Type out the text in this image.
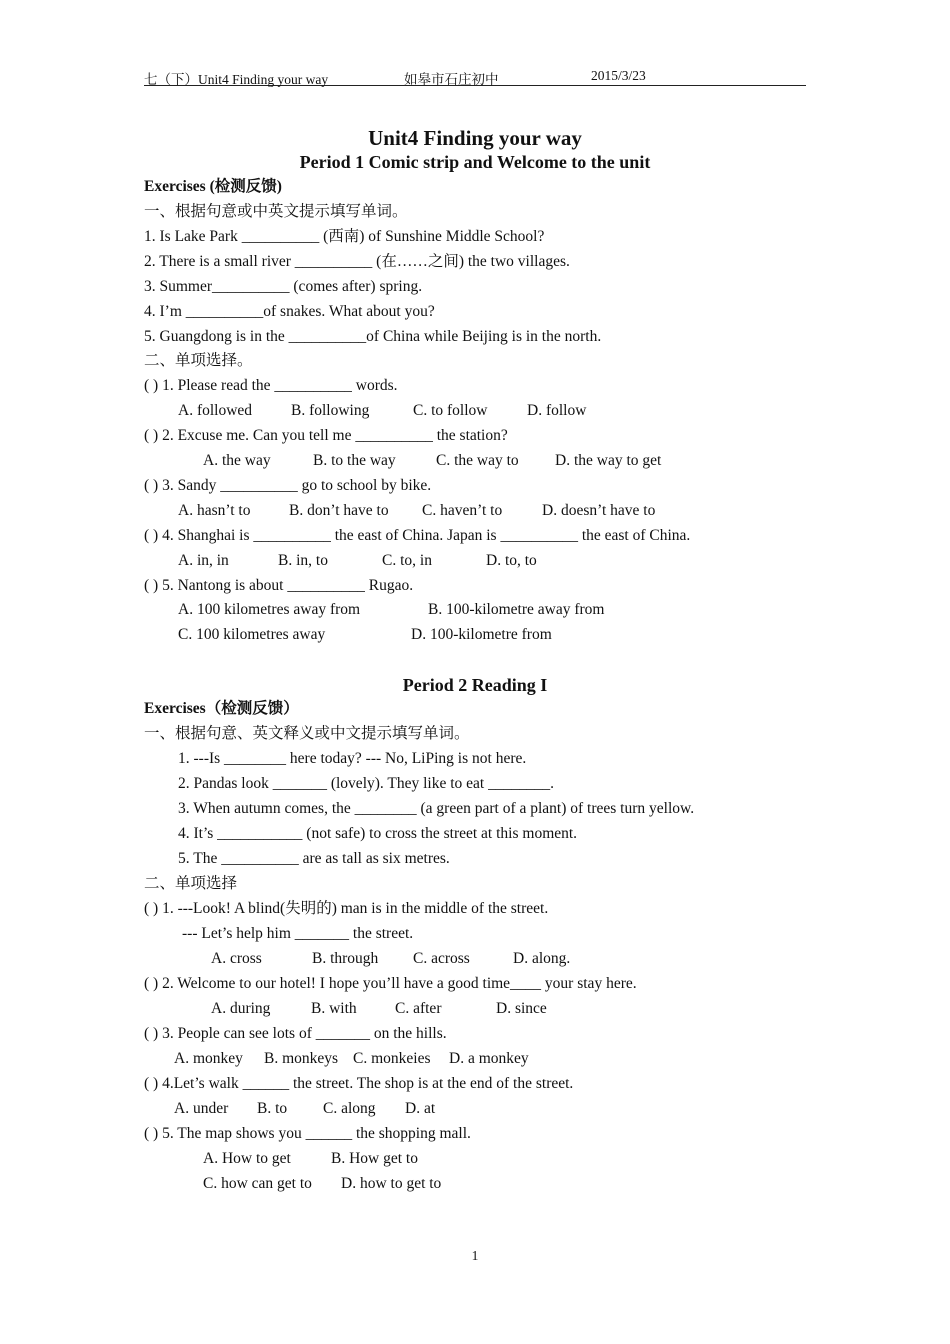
七（下）Unit4 Finding your way	如皋市石庄初中	2015/3/23
Unit4 Finding your way
Period 1 Comic strip and Welcome to the unit
Exercises (检测反馈)
一、根据句意或中英文提示填写单词。
1. Is Lake Park __________ (西南) of Sunshine Middle School?
2. There is a small river __________ (在……之间) the two villages.
3. Summer__________ (comes after) spring.
4. I’m __________of snakes. What about you?
5. Guangdong is in the __________of China while Beijing is in the north.
二、单项选择。
( ) 1. Please read the __________ words.
A. followed	B. following	C. to follow	D. follow
( ) 2. Excuse me. Can you tell me __________ the station?
A. the way	B. to the way	C. the way to D. the way to get
( ) 3. Sandy __________ go to school by bike.
A. hasn’t to B. don’t have to C. haven’t to	D. doesn’t have to
( ) 4. Shanghai is __________ the east of China. Japan is __________ the east of China.
A. in, in	B. in, to	C. to, in	D. to, to
( ) 5. Nantong is about __________ Rugao.
A. 100 kilometres away from	B. 100-kilometre away from
C. 100 kilometres away	D. 100-kilometre from
Period 2 Reading I
Exercises（检测反馈）
一、根据句意、英文释义或中文提示填写单词。
1. ---Is ________ here today? --- No, LiPing is not here.
2. Pandas look _______ (lovely). They like to eat ________.
3. When autumn comes, the ________ (a green part of a plant) of trees turn yellow.
4. It’s ___________ (not safe) to cross the street at this moment.
5. The __________ are as tall as six metres.
二、单项选择
( ) 1. ---Look! A blind(失明的) man is in the middle of the street.
--- Let’s help him _______ the street.
A. cross	B. through C. across	D. along.
( ) 2. Welcome to our hotel! I hope you’ll have a good time____ your stay here.
A. during	B. with C. after	D. since
( ) 3. People can see lots of _______ on the hills.
A. monkey B. monkeys C. monkeies D. a monkey
( ) 4.Let’s walk ______ the street. The shop is at the end of the street.
A. under B. to C. along D. at
( ) 5. The map shows you ______ the shopping mall.
A. How to get	B. How get to
C. how can get to D. how to get to
1
